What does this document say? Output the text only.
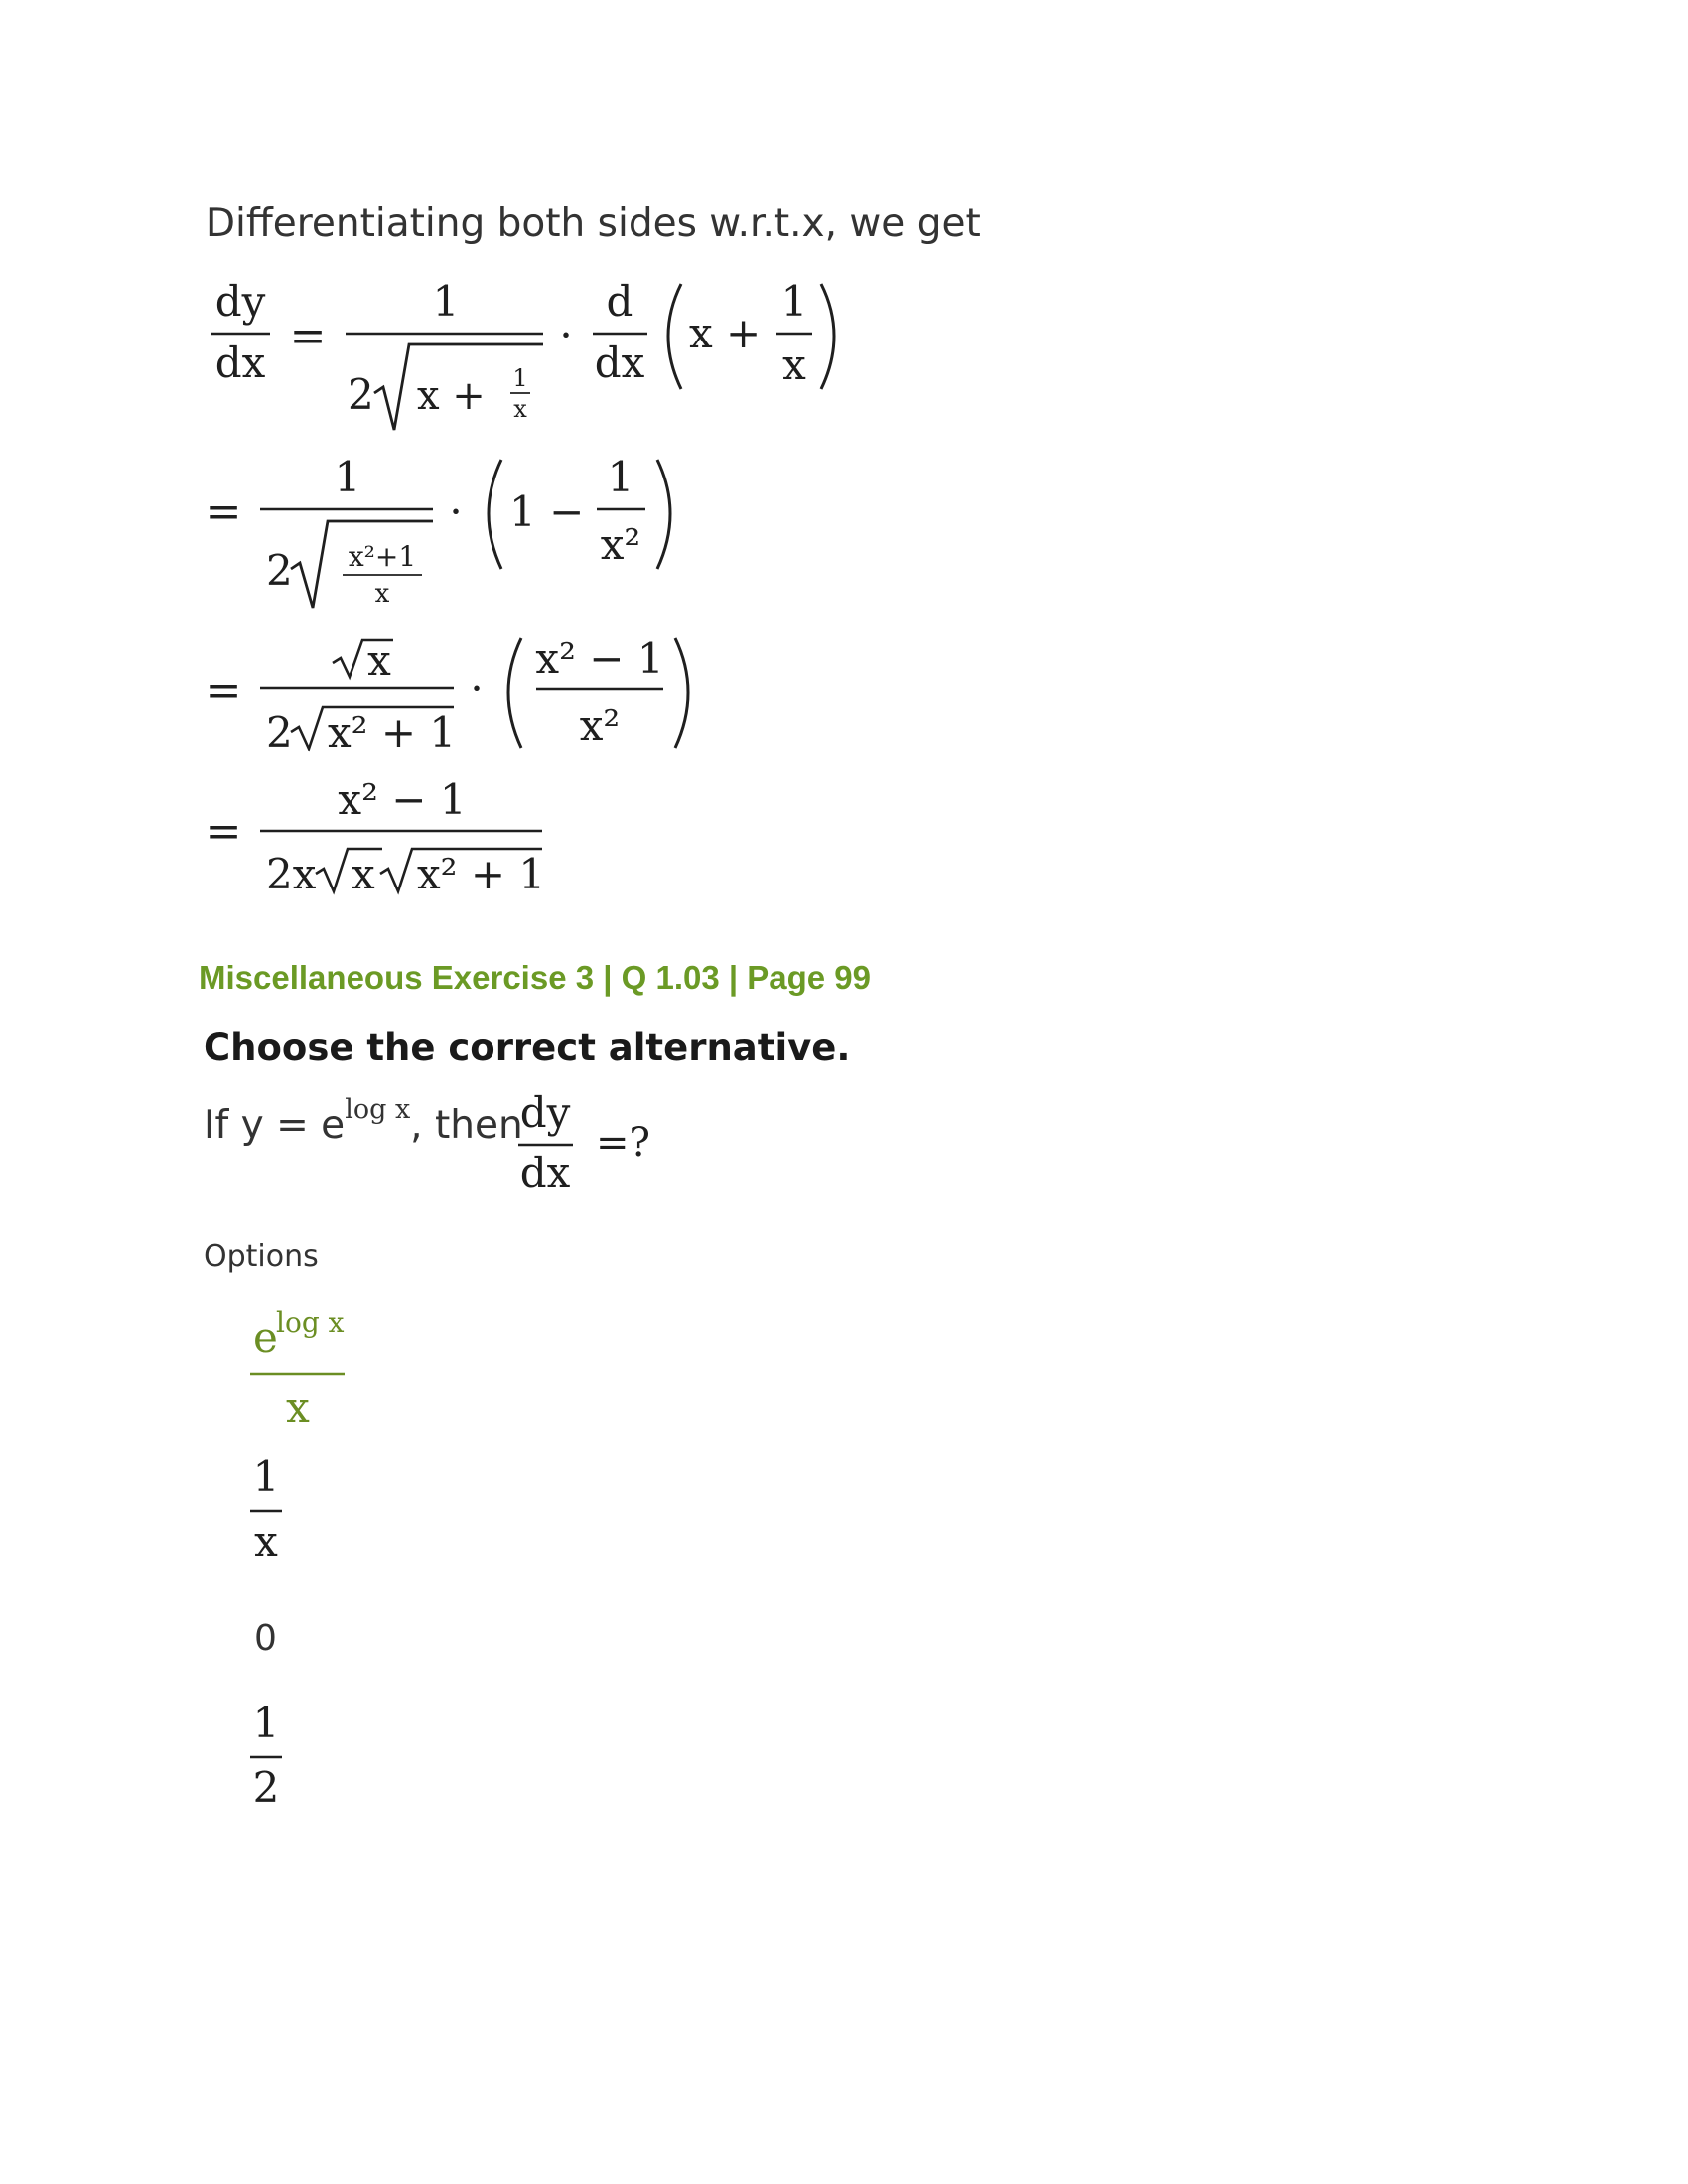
Differentiating both sides w.r.t.x, we get
dy
dx
=
1
2 x + 1
x
·
d
dx
x +
1
x
=
1
2 x²+1
x
· 1 −
1
x²
=
x
2 x² + 1
·
x² − 1
x²
=
x² − 1
2x x x² + 1
dy
dx
=?
e
log x
x
1
x
0
1
2
Miscellaneous Exercise 3 | Q 1.03 | Page 99
Choose the correct alternative.
If $y = e^{log x}$, then
Options
